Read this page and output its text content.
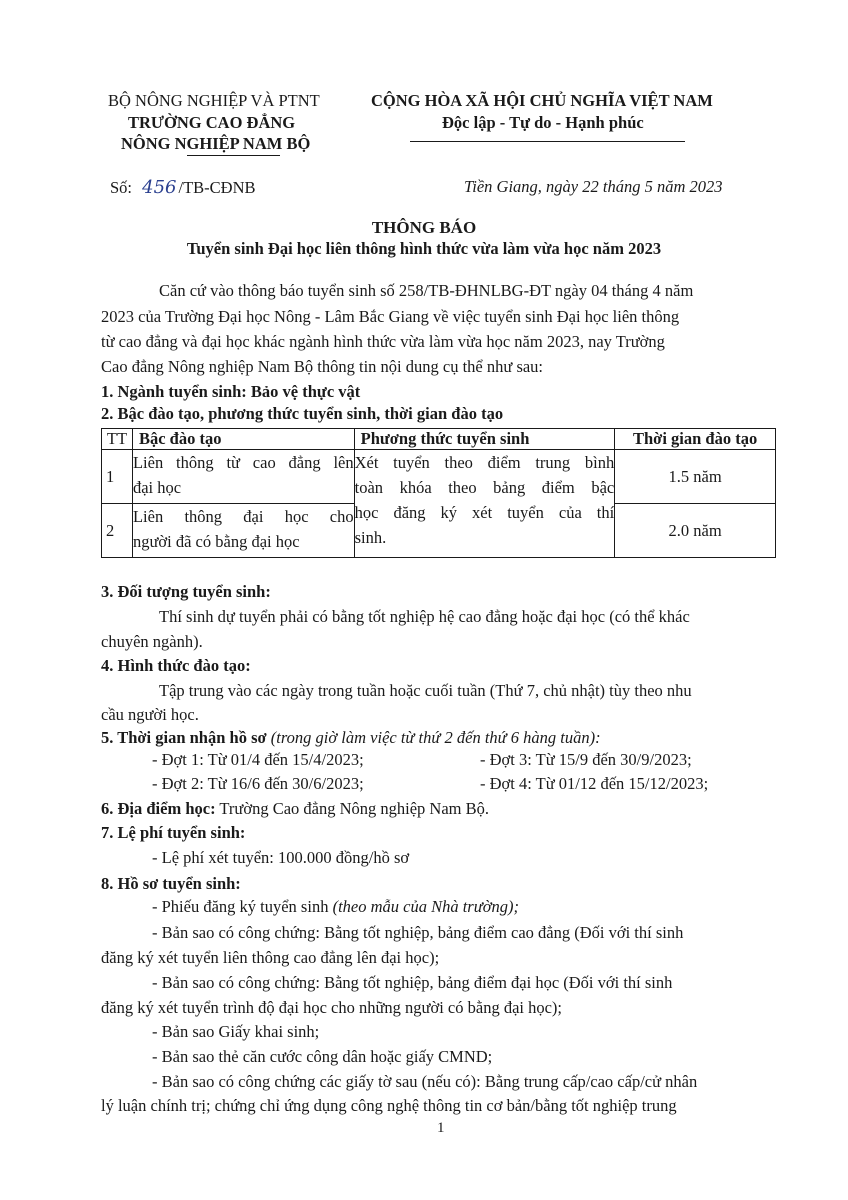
BỘ NÔNG NGHIỆP VÀ PTNT
TRƯỜNG CAO ĐẲNG
NÔNG NGHIỆP NAM BỘ
CỘNG HÒA XÃ HỘI CHỦ NGHĨA VIỆT NAM
Độc lập - Tự do - Hạnh phúc
Số: 456 /TB-CĐNB	Tiền Giang, ngày 22 tháng 5 năm 2023
THÔNG BÁO
Tuyển sinh Đại học liên thông hình thức vừa làm vừa học năm 2023
Căn cứ vào thông báo tuyển sinh số 258/TB-ĐHNLBG-ĐT ngày 04 tháng 4 năm
2023 của Trường Đại học Nông - Lâm Bắc Giang về việc tuyển sinh Đại học liên thông
từ cao đẳng và đại học khác ngành hình thức vừa làm vừa học năm 2023, nay Trường
Cao đẳng Nông nghiệp Nam Bộ thông tin nội dung cụ thể như sau:
1. Ngành tuyển sinh: Bảo vệ thực vật
2. Bậc đào tạo, phương thức tuyển sinh, thời gian đào tạo
TT	Bậc đào tạo	Phương thức tuyển sinh	Thời gian đào tạo
1	Liên thông từ cao đẳng lên
đại học	Xét tuyển theo điểm trung bình
toàn khóa theo bảng điểm bậc
học đăng ký xét tuyển của thí
sinh.	1.5 năm
2	Liên thông đại học cho
người đã có bằng đại học		2.0 năm
3. Đối tượng tuyển sinh:
Thí sinh dự tuyển phải có bằng tốt nghiệp hệ cao đẳng hoặc đại học (có thể khác
chuyên ngành).
4. Hình thức đào tạo:
Tập trung vào các ngày trong tuần hoặc cuối tuần (Thứ 7, chủ nhật) tùy theo nhu
cầu người học.
5. Thời gian nhận hồ sơ (trong giờ làm việc từ thứ 2 đến thứ 6 hàng tuần):
- Đợt 1: Từ 01/4 đến 15/4/2023;	- Đợt 3: Từ 15/9 đến 30/9/2023;
- Đợt 2: Từ 16/6 đến 30/6/2023;	- Đợt 4: Từ 01/12 đến 15/12/2023;
6. Địa điểm học: Trường Cao đẳng Nông nghiệp Nam Bộ.
7. Lệ phí tuyển sinh:
- Lệ phí xét tuyển: 100.000 đồng/hồ sơ
8. Hồ sơ tuyển sinh:
- Phiếu đăng ký tuyển sinh (theo mẫu của Nhà trường);
- Bản sao có công chứng: Bằng tốt nghiệp, bảng điểm cao đẳng (Đối với thí sinh
đăng ký xét tuyển liên thông cao đẳng lên đại học);
- Bản sao có công chứng: Bằng tốt nghiệp, bảng điểm đại học (Đối với thí sinh
đăng ký xét tuyển trình độ đại học cho những người có bằng đại học);
- Bản sao Giấy khai sinh;
- Bản sao thẻ căn cước công dân hoặc giấy CMND;
- Bản sao có công chứng các giấy tờ sau (nếu có): Bằng trung cấp/cao cấp/cử nhân
lý luận chính trị; chứng chỉ ứng dụng công nghệ thông tin cơ bản/bằng tốt nghiệp trung
1
